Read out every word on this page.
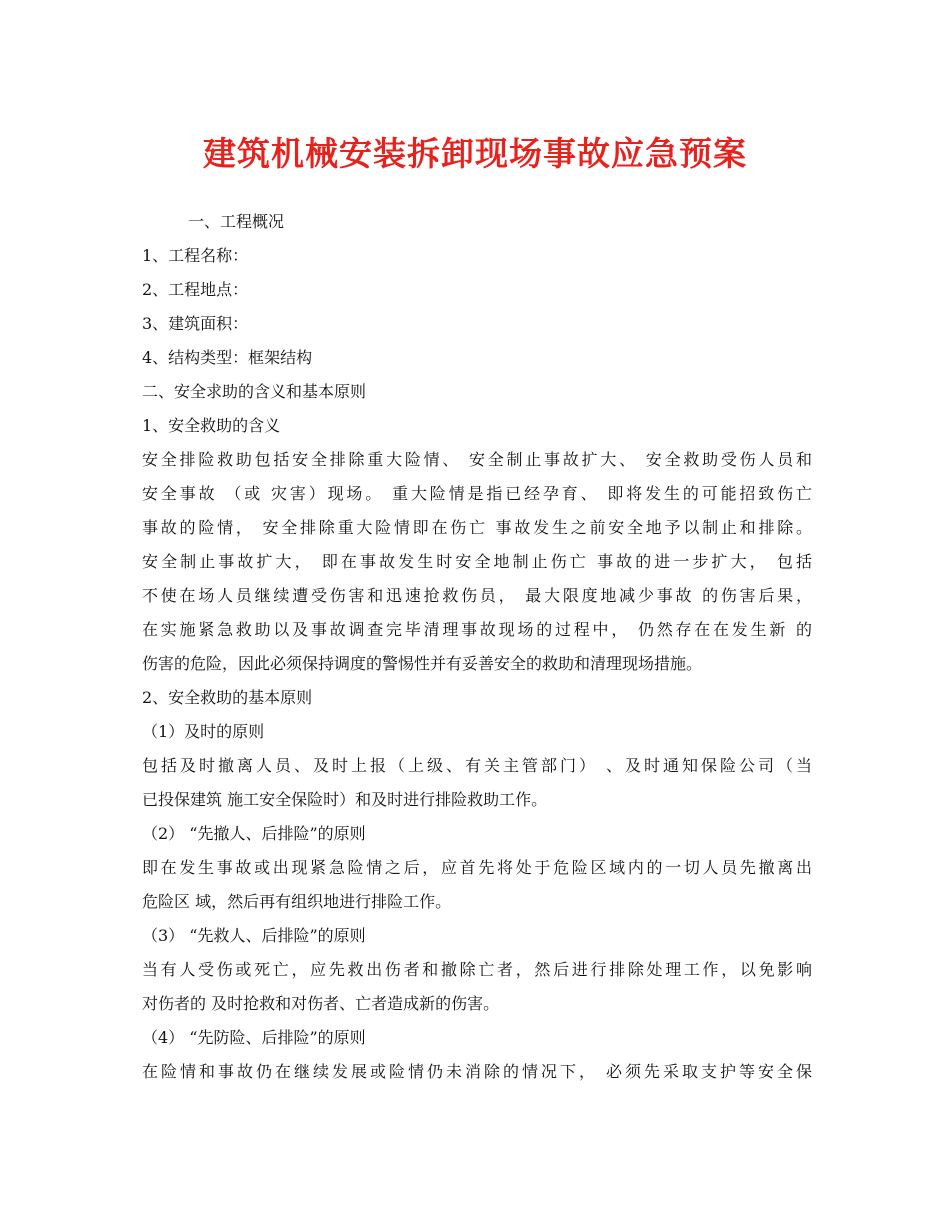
建筑机械安装拆卸现场事故应急预案
一、工程概况
1、工程名称：
2、工程地点：
3、建筑面积：
4、结构类型：框架结构
二、安全求助的含义和基本原则
1、安全救助的含义
安全排险救助包括安全排除重大险情、 安全制止事故扩大、 安全救助受伤人员和
安全事故 （或 灾害）现场。 重大险情是指已经孕育、 即将发生的可能招致伤亡
事故的险情， 安全排除重大险情即在伤亡 事故发生之前安全地予以制止和排除。
安全制止事故扩大， 即在事故发生时安全地制止伤亡 事故的进一步扩大， 包括
不使在场人员继续遭受伤害和迅速抢救伤员， 最大限度地减少事故 的伤害后果，
在实施紧急救助以及事故调查完毕清理事故现场的过程中， 仍然存在在发生新 的
伤害的危险，因此必须保持调度的警惕性并有妥善安全的救助和清理现场措施。
2、安全救助的基本原则
（1）及时的原则
包括及时撤离人员、及时上报（上级、有关主管部门） 、及时通知保险公司（当
已投保建筑 施工安全保险时）和及时进行排险救助工作。
（2） “先撤人、后排险”的原则
即在发生事故或出现紧急险情之后，应首先将处于危险区域内的一切人员先撤离出
危险区 域，然后再有组织地进行排险工作。
（3） “先救人、后排险”的原则
当有人受伤或死亡，应先救出伤者和撤除亡者，然后进行排除处理工作，以免影响
对伤者的 及时抢救和对伤者、亡者造成新的伤害。
（4） “先防险、后排险”的原则
在险情和事故仍在继续发展或险情仍未消除的情况下， 必须先采取支护等安全保
